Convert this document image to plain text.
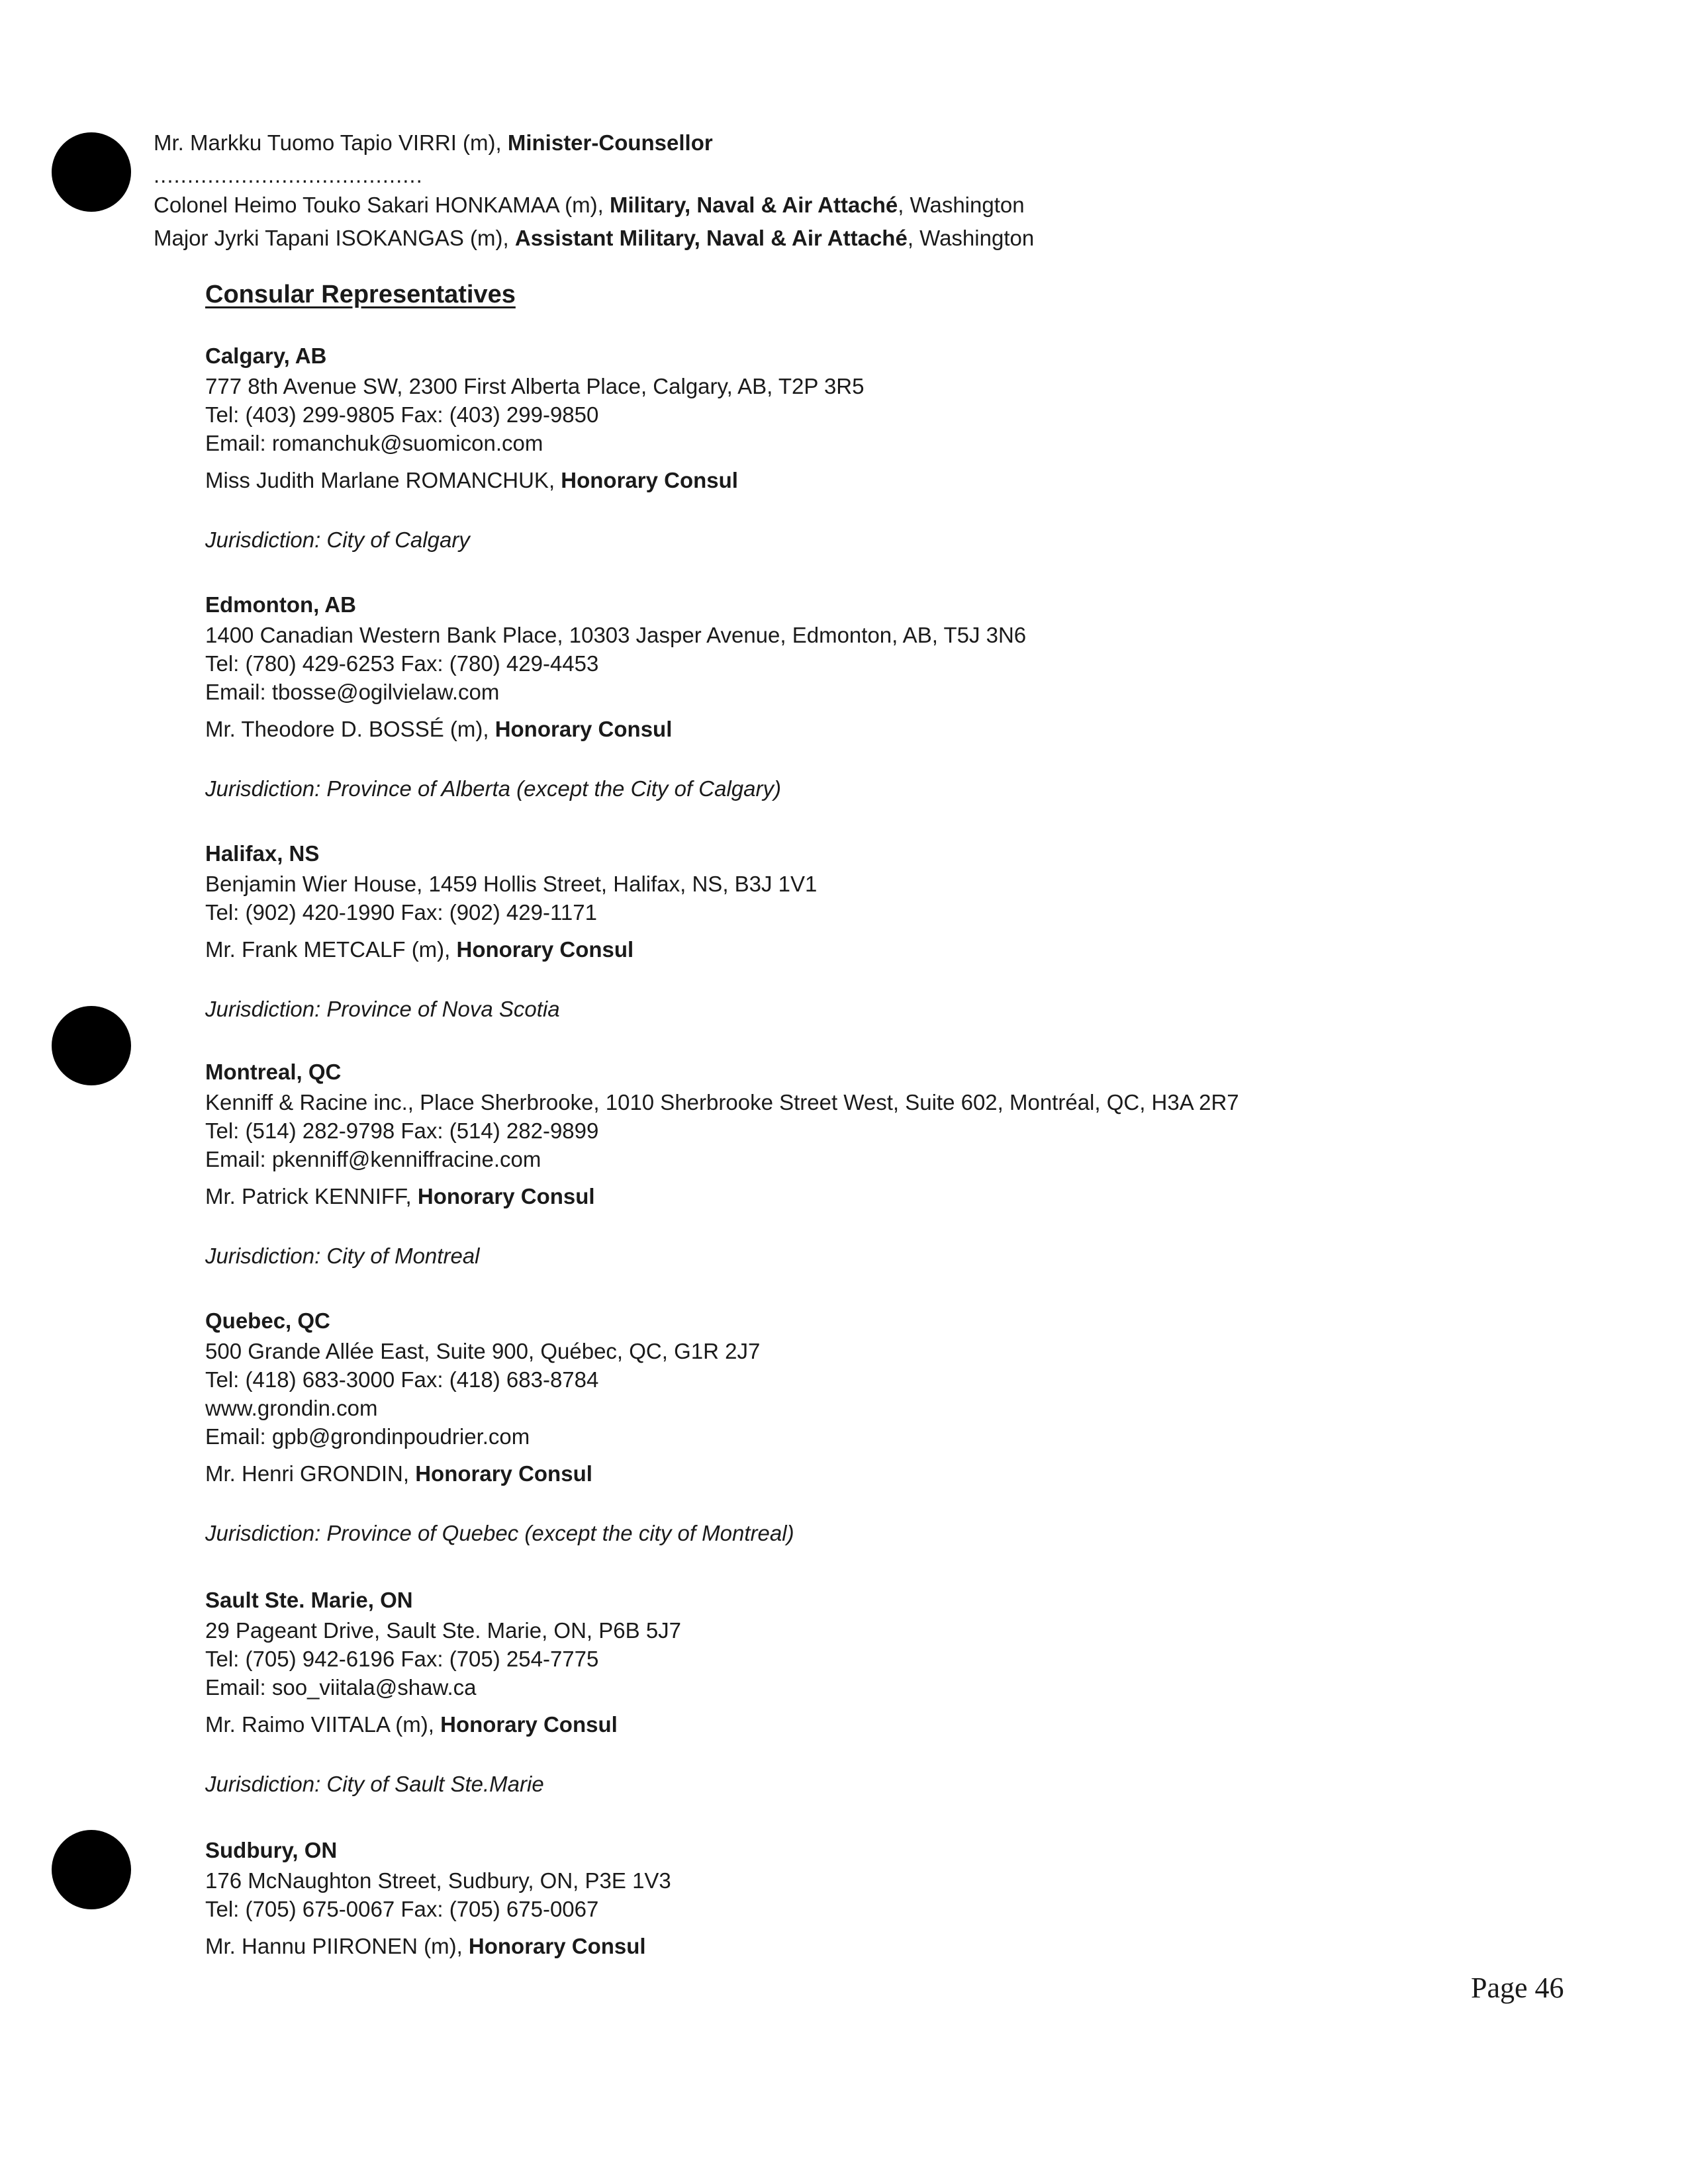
Mr. Markku Tuomo Tapio VIRRI (m), Minister-Counsellor
........................................
Colonel Heimo Touko Sakari HONKAMAA (m), Military, Naval & Air Attaché, Washington
Major Jyrki Tapani ISOKANGAS (m), Assistant Military, Naval & Air Attaché, Washington
Consular Representatives
Calgary, AB
777 8th Avenue SW, 2300 First Alberta Place, Calgary, AB, T2P 3R5
Tel: (403) 299-9805 Fax: (403) 299-9850
Email: romanchuk@suomicon.com
Miss Judith Marlane ROMANCHUK, Honorary Consul
Jurisdiction: City of Calgary
Edmonton, AB
1400 Canadian Western Bank Place, 10303 Jasper Avenue, Edmonton, AB, T5J 3N6
Tel: (780) 429-6253 Fax: (780) 429-4453
Email: tbosse@ogilvielaw.com
Mr. Theodore D. BOSSÉ (m), Honorary Consul
Jurisdiction: Province of Alberta (except the City of Calgary)
Halifax, NS
Benjamin Wier House, 1459 Hollis Street, Halifax, NS, B3J 1V1
Tel: (902) 420-1990 Fax: (902) 429-1171
Mr. Frank METCALF (m), Honorary Consul
Jurisdiction: Province of Nova Scotia
Montreal, QC
Kenniff & Racine inc., Place Sherbrooke, 1010 Sherbrooke Street West, Suite 602, Montréal, QC, H3A 2R7
Tel: (514) 282-9798 Fax: (514) 282-9899
Email: pkenniff@kenniffracine.com
Mr. Patrick KENNIFF, Honorary Consul
Jurisdiction: City of Montreal
Quebec, QC
500 Grande Allée East, Suite 900, Québec, QC, G1R 2J7
Tel: (418) 683-3000 Fax: (418) 683-8784
www.grondin.com
Email: gpb@grondinpoudrier.com
Mr. Henri GRONDIN, Honorary Consul
Jurisdiction: Province of Quebec (except the city of Montreal)
Sault Ste. Marie, ON
29 Pageant Drive, Sault Ste. Marie, ON, P6B 5J7
Tel: (705) 942-6196 Fax: (705) 254-7775
Email: soo_viitala@shaw.ca
Mr. Raimo VIITALA (m), Honorary Consul
Jurisdiction: City of Sault Ste.Marie
Sudbury, ON
176 McNaughton Street, Sudbury, ON, P3E 1V3
Tel: (705) 675-0067 Fax: (705) 675-0067
Mr. Hannu PIIRONEN (m), Honorary Consul
Page 46
